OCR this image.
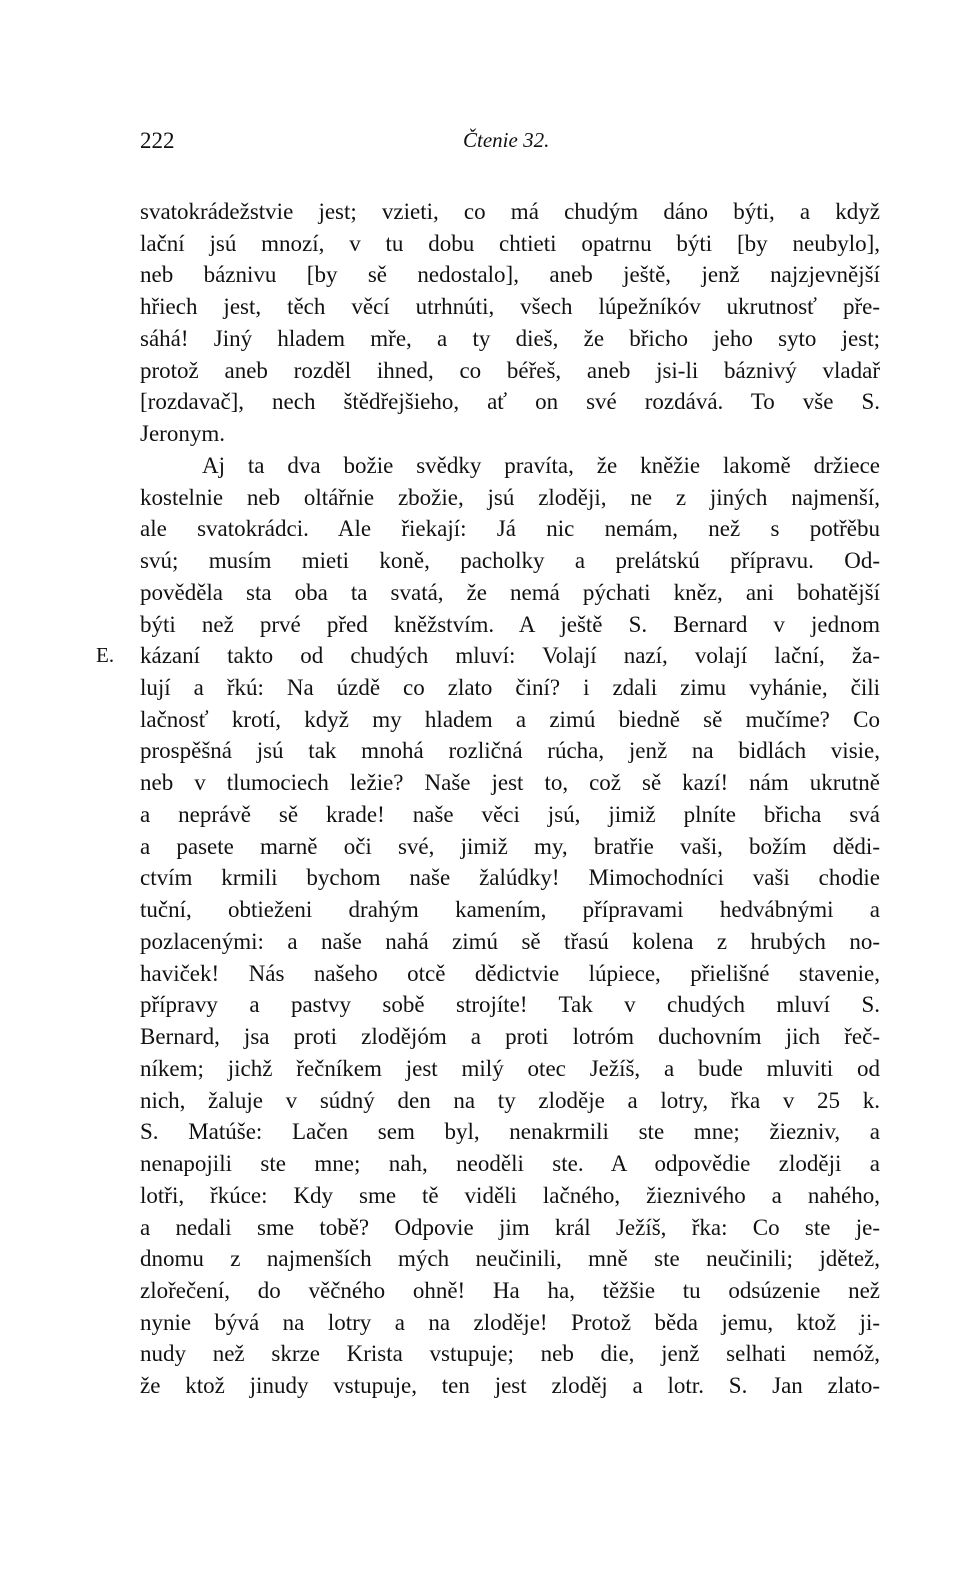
222	Čtenie 32.
E.
svatokrádežstvie jest; vzieti, co má chudým dáno býti, a když
lační jsú mnozí, v tu dobu chtieti opatrnu býti [by neubylo],
neb báznivu [by sě nedostalo], aneb ještě, jenž najzjevnější
hřiech jest, těch věcí utrhnúti, všech lúpežníkóv ukrutnosť pře-
sáhá! Jiný hladem mře, a ty dieš, že břicho jeho syto jest;
protož aneb rozděl ihned, co béřeš, aneb jsi-li báznivý vladař
[rozdavač], nech štědřejšieho, ať on své rozdává. To vše S.
Jeronym.
Aj ta dva božie svědky pravíta, že kněžie lakomě držiece
kostelnie neb oltářnie zbožie, jsú zloději, ne z jiných najmenší,
ale svatokrádci. Ale řiekají: Já nic nemám, než s potřěbu
svú; musím mieti koně, pacholky a prelátskú přípravu. Od-
pověděla sta oba ta svatá, že nemá pýchati kněz, ani bohatější
býti než prvé před kněžstvím. A ještě S. Bernard v jednom
kázaní takto od chudých mluví: Volají nazí, volají lační, ža-
lují a řkú: Na úzdě co zlato činí? i zdali zimu vyhánie, čili
lačnosť krotí, když my hladem a zimú biedně sě mučíme? Co
prospěšná jsú tak mnohá rozličná rúcha, jenž na bidlách visie,
neb v tlumociech ležie? Naše jest to, což sě kazí! nám ukrutně
a neprávě sě krade! naše věci jsú, jimiž plníte břicha svá
a pasete marně oči své, jimiž my, bratřie vaši, božím dědi-
ctvím krmili bychom naše žalúdky! Mimochodníci vaši chodie
tuční, obtieženi drahým kamením, přípravami hedvábnými a
pozlacenými: a naše nahá zimú sě třasú kolena z hrubých no-
haviček! Nás našeho otcě dědictvie lúpiece, přielišné stavenie,
přípravy a pastvy sobě strojíte! Tak v chudých mluví S.
Bernard, jsa proti zlodějóm a proti lotróm duchovním jich řeč-
níkem; jichž řečníkem jest milý otec Ježíš, a bude mluviti od
nich, žaluje v súdný den na ty zloděje a lotry, řka v 25 k.
S. Matúše: Lačen sem byl, nenakrmili ste mne; žiezniv, a
nenapojili ste mne; nah, neoděli ste. A odpovědie zloději a
lotři, řkúce: Kdy sme tě viděli lačného, žieznivého a nahého,
a nedali sme tobě? Odpovie jim král Ježíš, řka: Co ste je-
dnomu z najmenších mých neučinili, mně ste neučinili; jdětež,
zlořečení, do věčného ohně! Ha ha, těžšie tu odsúzenie než
nynie bývá na lotry a na zloděje! Protož běda jemu, ktož ji-
nudy než skrze Krista vstupuje; neb die, jenž selhati nemóž,
že ktož jinudy vstupuje, ten jest zloděj a lotr. S. Jan zlato-
